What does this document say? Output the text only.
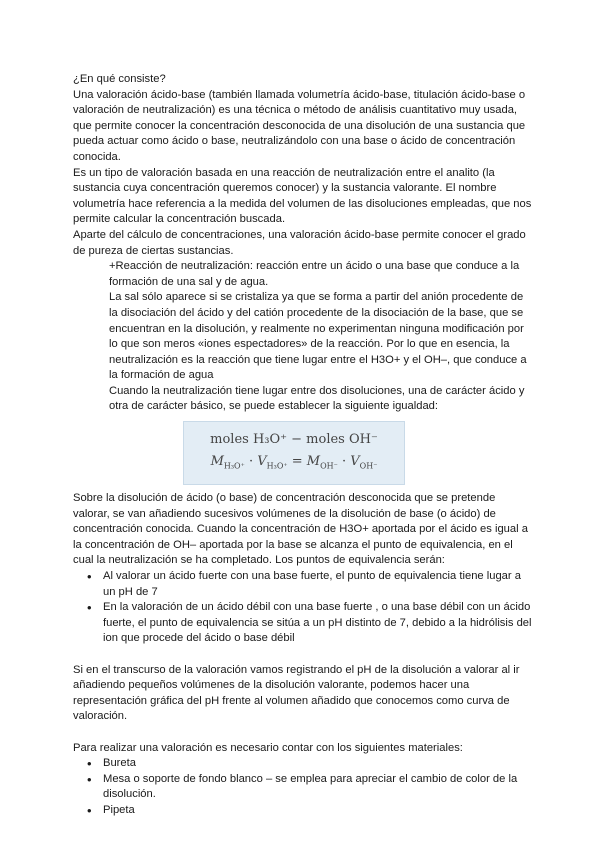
¿En qué consiste?

Una valoración ácido-base (también llamada volumetría ácido-base, titulación ácido-base o valoración de neutralización) es una técnica o método de análisis cuantitativo muy usada, que permite conocer la concentración desconocida de una disolución de una sustancia que pueda actuar como ácido o base, neutralizándolo con una base o ácido de concentración conocida.

Es un tipo de valoración basada en una reacción de neutralización entre el analito (la sustancia cuya concentración queremos conocer) y la sustancia valorante. El nombre volumetría hace referencia a la medida del volumen de las disoluciones empleadas, que nos permite calcular la concentración buscada.

Aparte del cálculo de concentraciones, una valoración ácido-base permite conocer el grado de pureza de ciertas sustancias.

+Reacción de neutralización: reacción entre un ácido o una base que conduce a la formación de una sal y de agua.

La sal sólo aparece si se cristaliza ya que se forma a partir del anión procedente de la disociación del ácido y del catión procedente de la disociación de la base, que se encuentran en la disolución, y realmente no experimentan ninguna modificación por lo que son meros «iones espectadores» de la reacción. Por lo que en esencia, la neutralización es la reacción que tiene lugar entre el H3O+ y el OH–, que conduce a la formación de agua

Cuando la neutralización tiene lugar entre dos disoluciones, una de carácter ácido y otra de carácter básico, se puede establecer la siguiente igualdad:

moles H₃O⁺ − moles OH⁻
$M_{H_3O^+} \cdot V_{H_3O^+} = M_{OH^-} \cdot V_{OH^-}$

Sobre la disolución de ácido (o base) de concentración desconocida que se pretende valorar, se van añadiendo sucesivos volúmenes de la disolución de base (o ácido) de concentración conocida. Cuando la concentración de H3O+ aportada por el ácido es igual a la concentración de OH– aportada por la base se alcanza el punto de equivalencia, en el cual la neutralización se ha completado. Los puntos de equivalencia serán:

• Al valorar un ácido fuerte con una base fuerte, el punto de equivalencia tiene lugar a un pH de 7
• En la valoración de un ácido débil con una base fuerte , o una base débil con un ácido fuerte, el punto de equivalencia se sitúa a un pH distinto de 7, debido a la hidrólisis del ion que procede del ácido o base débil

Si en el transcurso de la valoración vamos registrando el pH de la disolución a valorar al ir añadiendo pequeños volúmenes de la disolución valorante, podemos hacer una representación gráfica del pH frente al volumen añadido que conocemos como curva de valoración.

Para realizar una valoración es necesario contar con los siguientes materiales:

• Bureta
• Mesa o soporte de fondo blanco – se emplea para apreciar el cambio de color de la disolución.
• Pipeta
